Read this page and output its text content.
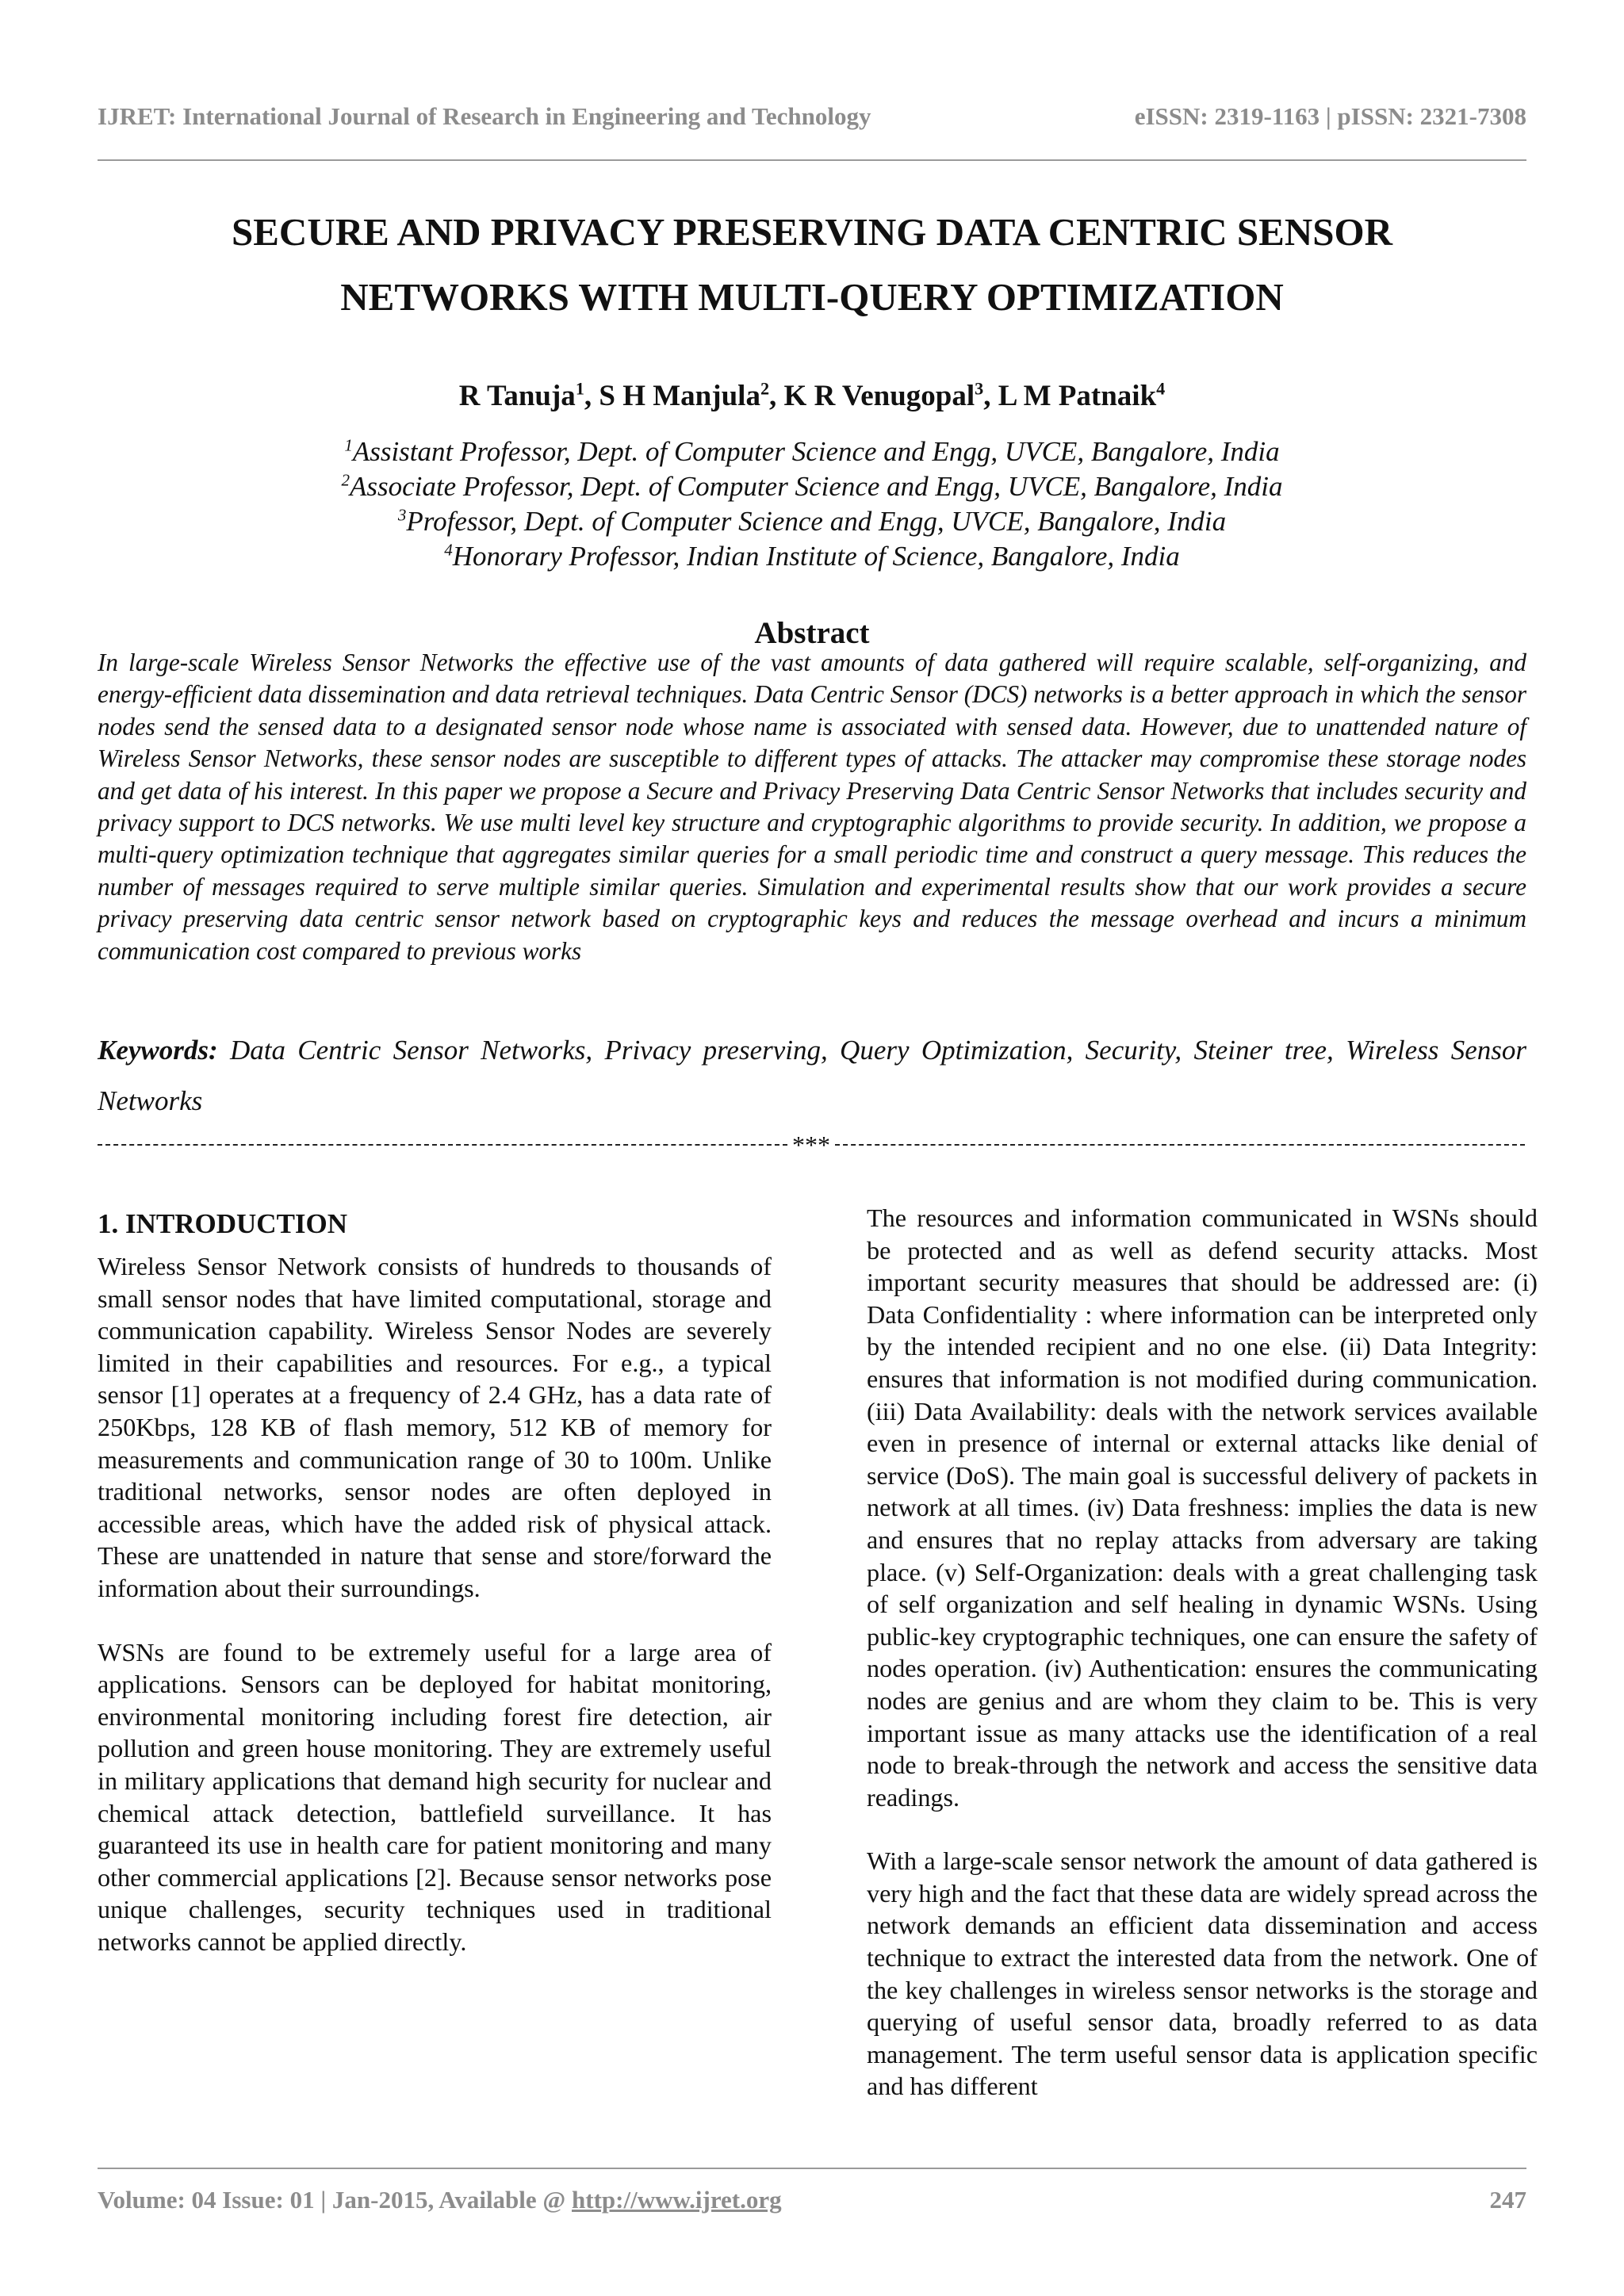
IJRET: International Journal of Research in Engineering and Technology	eISSN: 2319-1163 | pISSN: 2321-7308
SECURE AND PRIVACY PRESERVING DATA CENTRIC SENSOR
NETWORKS WITH MULTI-QUERY OPTIMIZATION
R Tanuja$^1$, S H Manjula$^2$, K R Venugopal$^3$, L M Patnaik$^4$
$^1$Assistant Professor, Dept. of Computer Science and Engg, UVCE, Bangalore, India
$^2$Associate Professor, Dept. of Computer Science and Engg, UVCE, Bangalore, India
$^3$Professor, Dept. of Computer Science and Engg, UVCE, Bangalore, India
$^4$Honorary Professor, Indian Institute of Science, Bangalore, India
Abstract

In large-scale Wireless Sensor Networks the effective use of the vast amounts of data gathered will require scalable, self-organizing, and energy-efficient data dissemination and data retrieval techniques. Data Centric Sensor (DCS) networks is a better approach in which the sensor nodes send the sensed data to a designated sensor node whose name is associated with sensed data. However, due to unattended nature of Wireless Sensor Networks, these sensor nodes are susceptible to different types of attacks. The attacker may compromise these storage nodes and get data of his interest. In this paper we propose a Secure and Privacy Preserving Data Centric Sensor Networks that includes security and privacy support to DCS networks. We use multi level key structure and cryptographic algorithms to provide security. In addition, we propose a multi-query optimization technique that aggregates similar queries for a small periodic time and construct a query message. This reduces the number of messages required to serve multiple similar queries. Simulation and experimental results show that our work provides a secure privacy preserving data centric sensor network based on cryptographic keys and reduces the message overhead and incurs a minimum communication cost compared to previous works

Keywords: Data Centric Sensor Networks, Privacy preserving, Query Optimization, Security, Steiner tree, Wireless Sensor Networks

***
1. INTRODUCTION

Wireless Sensor Network consists of hundreds to thousands of small sensor nodes that have limited computational, storage and communication capability. Wireless Sensor Nodes are severely limited in their capabilities and resources. For e.g., a typical sensor [1] operates at a frequency of 2.4 GHz, has a data rate of 250Kbps, 128 KB of flash memory, 512 KB of memory for measurements and communication range of 30 to 100m. Unlike traditional networks, sensor nodes are often deployed in accessible areas, which have the added risk of physical attack. These are unattended in nature that sense and store/forward the information about their surroundings.

WSNs are found to be extremely useful for a large area of applications. Sensors can be deployed for habitat monitoring, environmental monitoring including forest fire detection, air pollution and green house monitoring. They are extremely useful in military applications that demand high security for nuclear and chemical attack detection, battlefield surveillance. It has guaranteed its use in health care for patient monitoring and many other commercial applications [2]. Because sensor networks pose unique challenges, security techniques used in traditional networks cannot be applied directly.

The resources and information communicated in WSNs should be protected and as well as defend security attacks. Most important security measures that should be addressed are: (i) Data Confidentiality : where information can be interpreted only by the intended recipient and no one else. (ii) Data Integrity: ensures that information is not modified during communication. (iii) Data Availability: deals with the network services available even in presence of internal or external attacks like denial of service (DoS). The main goal is successful delivery of packets in network at all times. (iv) Data freshness: implies the data is new and ensures that no replay attacks from adversary are taking place. (v) Self-Organization: deals with a great challenging task of self organization and self healing in dynamic WSNs. Using public-key cryptographic techniques, one can ensure the safety of nodes operation. (iv) Authentication: ensures the communicating nodes are genius and are whom they claim to be. This is very important issue as many attacks use the identification of a real node to break-through the network and access the sensitive data readings.

With a large-scale sensor network the amount of data gathered is very high and the fact that these data are widely spread across the network demands an efficient data dissemination and access technique to extract the interested data from the network. One of the key challenges in wireless sensor networks is the storage and querying of useful sensor data, broadly referred to as data management. The term useful sensor data is application specific and has different

Volume: 04 Issue: 01 | Jan-2015, Available @ http://www.ijret.org	247
